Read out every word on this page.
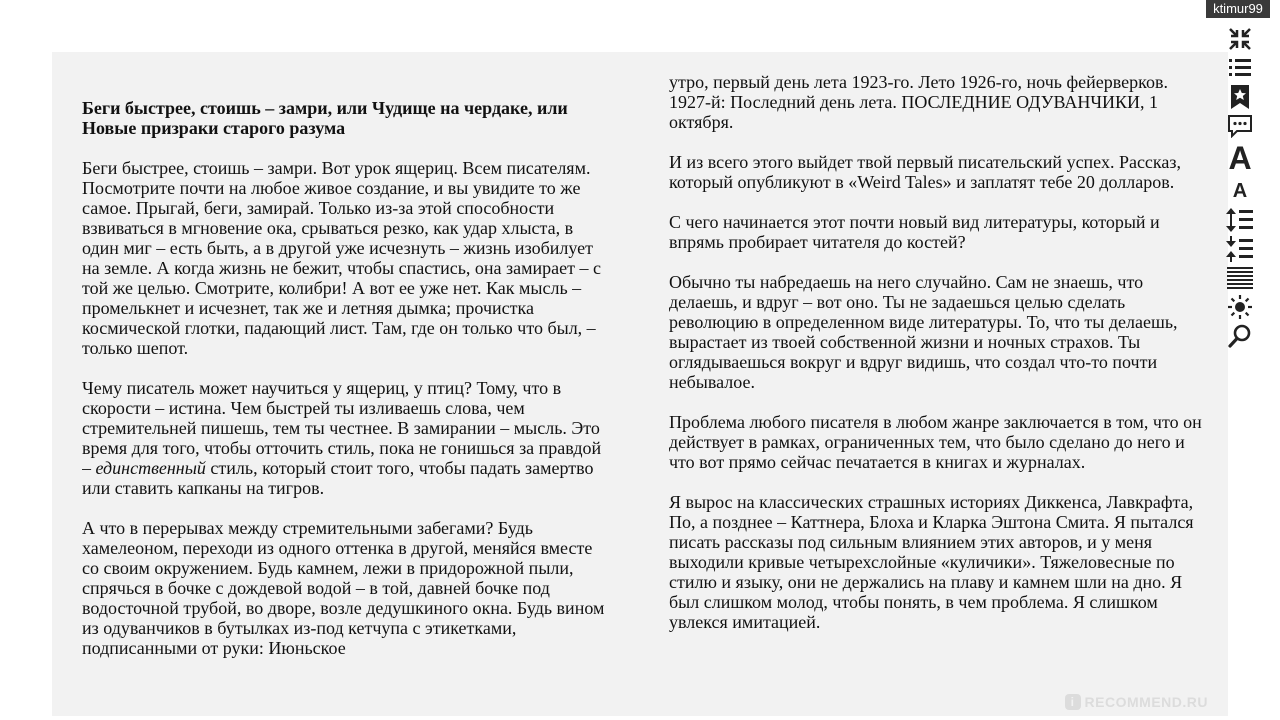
ktimur99
Беги быстрее, стоишь – замри, или Чудище на чердаке, или Новые призраки старого разума

Беги быстрее, стоишь – замри. Вот урок ящериц. Всем писателям. Посмотрите почти на любое живое создание, и вы увидите то же самое. Прыгай, беги, замирай. Только из-за этой способности взвиваться в мгновение ока, срываться резко, как удар хлыста, в один миг – есть быть, а в другой уже исчезнуть – жизнь изобилует на земле. А когда жизнь не бежит, чтобы спастись, она замирает – с той же целью. Смотрите, колибри! А вот ее уже нет. Как мысль – промелькнет и исчезнет, так же и летняя дымка; прочистка космической глотки, падающий лист. Там, где он только что был, – только шепот.

Чему писатель может научиться у ящериц, у птиц? Тому, что в скорости – истина. Чем быстрей ты изливаешь слова, чем стремительней пишешь, тем ты честнее. В замирании – мысль. Это время для того, чтобы отточить стиль, пока не гонишься за правдой – единственный стиль, который стоит того, чтобы падать замертво или ставить капканы на тигров.

А что в перерывах между стремительными забегами? Будь хамелеоном, переходи из одного оттенка в другой, меняйся вместе со своим окружением. Будь камнем, лежи в придорожной пыли, спрячься в бочке с дождевой водой – в той, давней бочке под водосточной трубой, во дворе, возле дедушкиного окна. Будь вином из одуванчиков в бутылках из-под кетчупа с этикетками, подписанными от руки: Июньское

утро, первый день лета 1923-го. Лето 1926-го, ночь фейерверков. 1927-й: Последний день лета. ПОСЛЕДНИЕ ОДУВАНЧИКИ, 1 октября.

И из всего этого выйдет твой первый писательский успех. Рассказ, который опубликуют в «Weird Tales» и заплатят тебе 20 долларов.

С чего начинается этот почти новый вид литературы, который и впрямь пробирает читателя до костей?

Обычно ты набредаешь на него случайно. Сам не знаешь, что делаешь, и вдруг – вот оно. Ты не задаешься целью сделать революцию в определенном виде литературы. То, что ты делаешь, вырастает из твоей собственной жизни и ночных страхов. Ты оглядываешься вокруг и вдруг видишь, что создал что-то почти небывалое.

Проблема любого писателя в любом жанре заключается в том, что он действует в рамках, ограниченных тем, что было сделано до него и что вот прямо сейчас печатается в книгах и журналах.

Я вырос на классических страшных историях Диккенса, Лавкрафта, По, а позднее – Каттнера, Блоха и Кларка Эштона Смита. Я пытался писать рассказы под сильным влиянием этих авторов, и у меня выходили кривые четырехслойные «куличики». Тяжеловесные по стилю и языку, они не держались на плаву и камнем шли на дно. Я был слишком молод, чтобы понять, в чем проблема. Я слишком увлекся имитацией.

i RECOMMEND.RU
A
A
